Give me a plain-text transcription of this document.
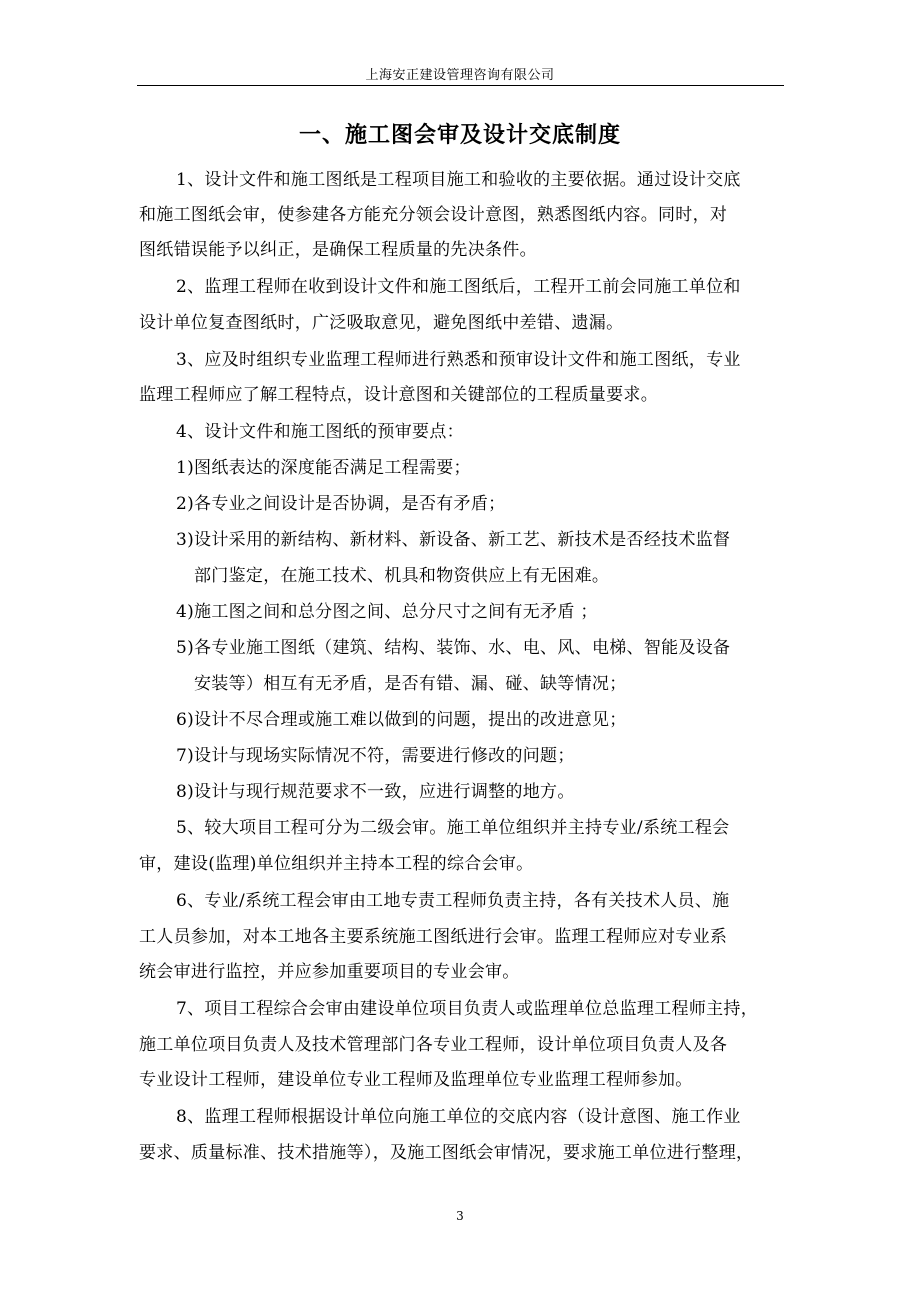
上海安正建设管理咨询有限公司
一、施工图会审及设计交底制度
1、设计文件和施工图纸是工程项目施工和验收的主要依据。通过设计交底
和施工图纸会审，使参建各方能充分领会设计意图，熟悉图纸内容。同时，对
图纸错误能予以纠正，是确保工程质量的先决条件。
2、监理工程师在收到设计文件和施工图纸后，工程开工前会同施工单位和
设计单位复查图纸时，广泛吸取意见，避免图纸中差错、遗漏。
3、应及时组织专业监理工程师进行熟悉和预审设计文件和施工图纸，专业
监理工程师应了解工程特点，设计意图和关键部位的工程质量要求。
4、设计文件和施工图纸的预审要点：
1)图纸表达的深度能否满足工程需要；
2)各专业之间设计是否协调，是否有矛盾；
3)设计采用的新结构、新材料、新设备、新工艺、新技术是否经技术监督
部门鉴定，在施工技术、机具和物资供应上有无困难。
4)施工图之间和总分图之间、总分尺寸之间有无矛盾 ；
5)各专业施工图纸（建筑、结构、装饰、水、电、风、电梯、智能及设备
安装等）相互有无矛盾，是否有错、漏、碰、缺等情况；
6)设计不尽合理或施工难以做到的问题，提出的改进意见；
7)设计与现场实际情况不符，需要进行修改的问题；
8)设计与现行规范要求不一致，应进行调整的地方。
5、较大项目工程可分为二级会审。施工单位组织并主持专业/系统工程会
审，建设(监理)单位组织并主持本工程的综合会审。
6、专业/系统工程会审由工地专责工程师负责主持，各有关技术人员、施
工人员参加，对本工地各主要系统施工图纸进行会审。监理工程师应对专业系
统会审进行监控，并应参加重要项目的专业会审。
7、项目工程综合会审由建设单位项目负责人或监理单位总监理工程师主持，
施工单位项目负责人及技术管理部门各专业工程师，设计单位项目负责人及各
专业设计工程师，建设单位专业工程师及监理单位专业监理工程师参加。
8、监理工程师根据设计单位向施工单位的交底内容（设计意图、施工作业
要求、质量标准、技术措施等），及施工图纸会审情况，要求施工单位进行整理，
3
